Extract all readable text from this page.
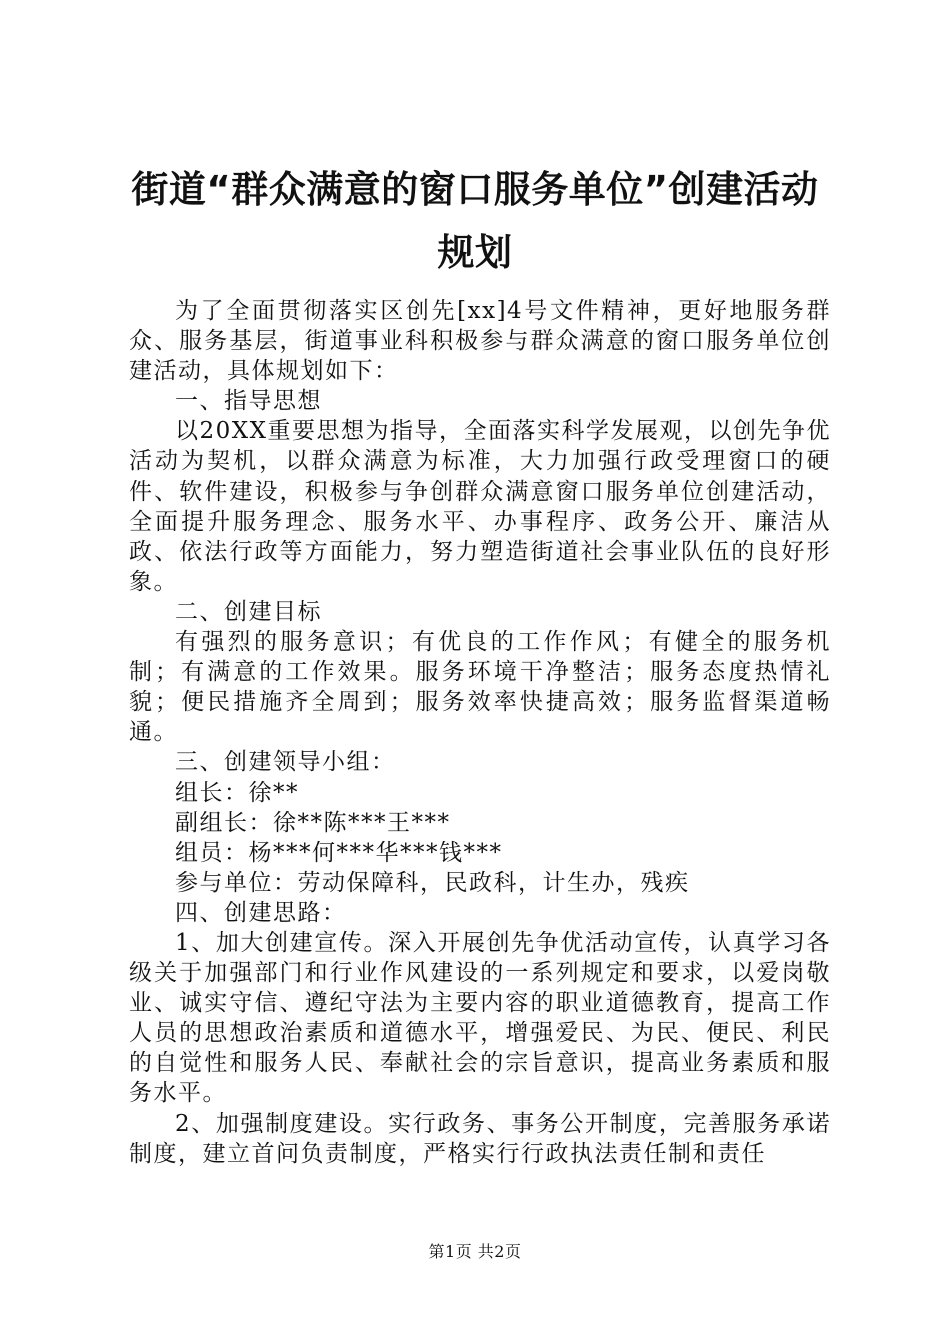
街道“群众满意的窗口服务单位”创建活动规划

为了全面贯彻落实区创先[xx]4号文件精神，更好地服务群众、服务基层，街道事业科积极参与群众满意的窗口服务单位创建活动，具体规划如下：

一、指导思想

以20XX重要思想为指导，全面落实科学发展观，以创先争优活动为契机，以群众满意为标准，大力加强行政受理窗口的硬件、软件建设，积极参与争创群众满意窗口服务单位创建活动，全面提升服务理念、服务水平、办事程序、政务公开、廉洁从政、依法行政等方面能力，努力塑造街道社会事业队伍的良好形象。

二、创建目标

有强烈的服务意识；有优良的工作作风；有健全的服务机制；有满意的工作效果。服务环境干净整洁；服务态度热情礼貌；便民措施齐全周到；服务效率快捷高效；服务监督渠道畅通。

三、创建领导小组：

组长：徐**

副组长：徐**陈***王***

组员：杨***何***华***钱***

参与单位：劳动保障科，民政科，计生办，残疾

四、创建思路：

1、加大创建宣传。深入开展创先争优活动宣传，认真学习各级关于加强部门和行业作风建设的一系列规定和要求，以爱岗敬业、诚实守信、遵纪守法为主要内容的职业道德教育，提高工作人员的思想政治素质和道德水平，增强爱民、为民、便民、利民的自觉性和服务人民、奉献社会的宗旨意识，提高业务素质和服务水平。

2、加强制度建设。实行政务、事务公开制度，完善服务承诺制度，建立首问负责制度，严格实行行政执法责任制和责任

第1页 共2页
